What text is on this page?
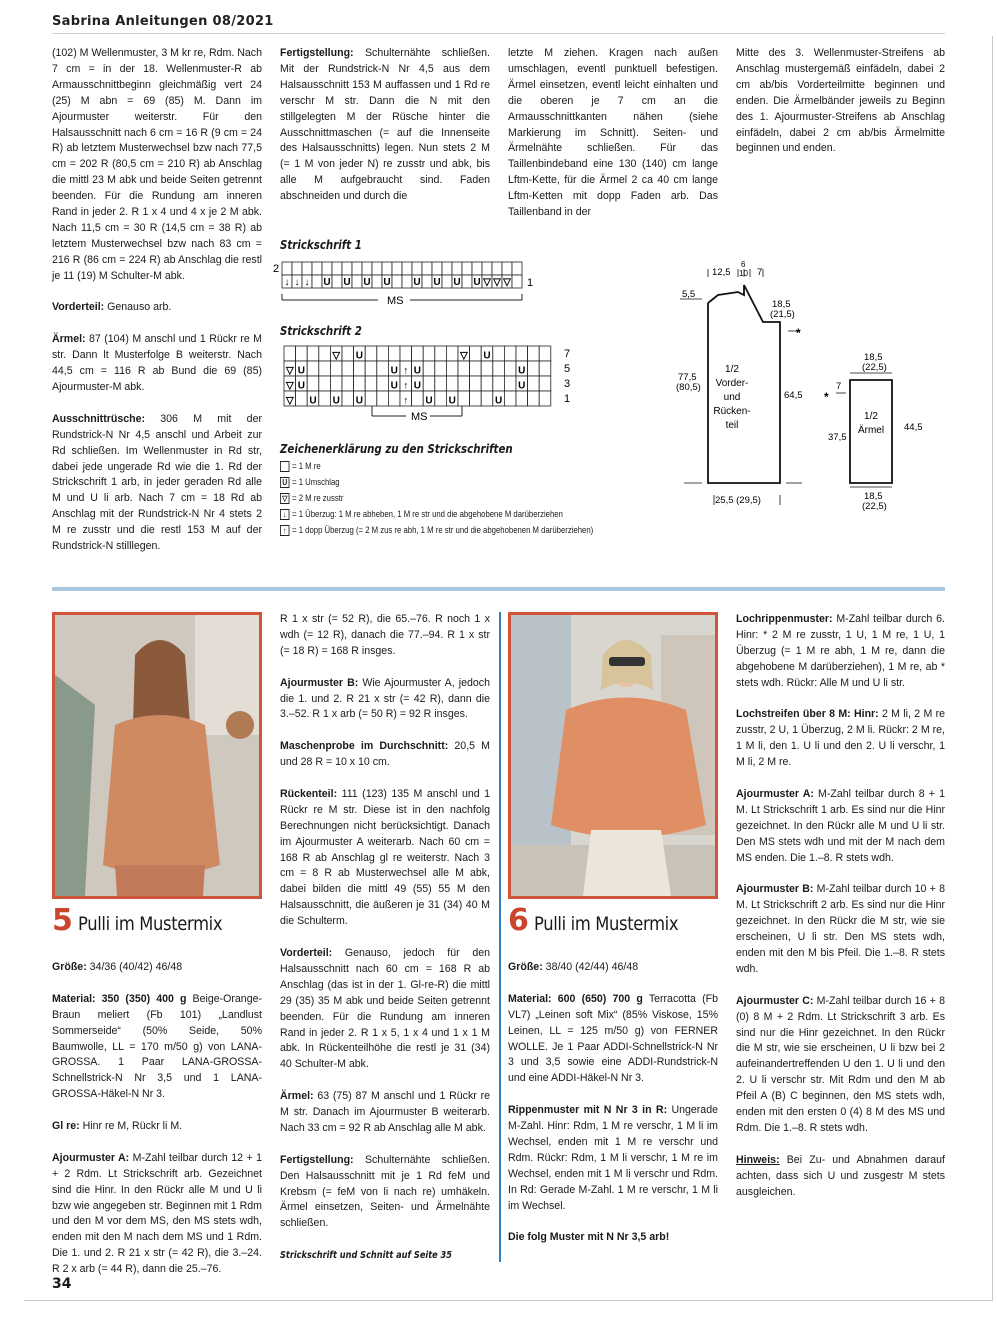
Sabrina Anleitungen 08/2021

(102) M Wellenmuster, 3 M kr re, Rdm. Nach 7 cm = in der 18. Wellenmuster-R ab Armausschnittbeginn gleichmäßig vert 24 (25) M abn = 69 (85) M. Dann im Ajourmuster weiterstr. Für den Halsausschnitt nach 6 cm = 16 R (9 cm = 24 R) ab letztem Musterwechsel bzw nach 77,5 cm = 202 R (80,5 cm = 210 R) ab Anschlag die mittl 23 M abk und beide Seiten getrennt beenden. Für die Rundung am inneren Rand in jeder 2. R 1 x 4 und 4 x je 2 M abk. Nach 11,5 cm = 30 R (14,5 cm = 38 R) ab letztem Musterwechsel bzw nach 83 cm = 216 R (86 cm = 224 R) ab Anschlag die restl je 11 (19) M Schulter-M abk.

Vorderteil: Genauso arb.

Ärmel: 87 (104) M anschl und 1 Rückr re M str. Dann lt Musterfolge B weiterstr. Nach 44,5 cm = 116 R ab Bund die 69 (85) Ajourmuster-M abk.

Ausschnittrüsche: 306 M mit der Rundstrick-N Nr 4,5 anschl und Arbeit zur Rd schließen. Im Wellenmuster in Rd str, dabei jede ungerade Rd wie die 1. Rd der Strickschrift 1 arb, in jeder geraden Rd alle M und U li arb. Nach 7 cm = 18 Rd ab Anschlag mit der Rundstrick-N Nr 4 stets 2 M re zusstr und die restl 153 M auf der Rundstrick-N stilllegen.

Fertigstellung: Schulternähte schließen. Mit der Rundstrick-N Nr 4,5 aus dem Halsausschnitt 153 M auffassen und 1 Rd re verschr M str. Dann die N mit den stillgelegten M der Rüsche hinter die Ausschnittmaschen (= auf die Innenseite des Halsausschnitts) legen. Nun stets 2 M (= 1 M von jeder N) re zusstr und abk, bis alle M aufgebraucht sind. Faden abschneiden und durch die

letzte M ziehen. Kragen nach außen umschlagen, eventl punktuell befestigen. Ärmel einsetzen, eventl leicht einhalten und die oberen je 7 cm an die Armausschnittkanten nähen (siehe Markierung im Schnitt). Seiten- und Ärmelnähte schließen. Für das Taillenbindeband eine 130 (140) cm lange Lftm-Kette, für die Ärmel 2 ca 40 cm lange Lftm-Ketten mit dopp Faden arb. Das Taillenband in der

Mitte des 3. Wellenmuster-Streifens ab Anschlag mustergemäß einfädeln, dabei 2 cm ab/bis Vorderteilmitte beginnen und enden. Die Ärmelbänder jeweils zu Beginn des 1. Ajourmuster-Streifens ab Anschlag einfädeln, dabei 2 cm ab/bis Ärmelmitte beginnen und enden.

Strickschrift 1
2
↓ ↓ ↓ U U U U U U U U ▽ ▽ ▽ 1
MS
Strickschrift 2
▽ U	▽ U
▽ U	U ↑ U	U
▽ U	U ↑ U	U
▽ U U U	↑ U U	U
7
5
3
1
MS
Zeichenerklärung zu den Strickschriften
= 1 M re
U = 1 Umschlag
▽ = 2 M re zusstr
↓ = 1 Überzug: 1 M re abheben, 1 M re str und die abgehobene M darüberziehen
↑ = 1 dopp Überzug (= 2 M zus re abh, 1 M re str und die abgehobenen M darüberziehen)
12,5
6
10 7
5,5
18,5
(21,5)
*
77,5
(80,5)
1/2
Vorder-
und
Rücken-
teil
64,5
25,5 (29,5)
18,5
(22,5)
7
*
37,5
1/2
Ärmel 44,5
18,5
(22,5)
5 Pulli im Mustermix

Größe: 34/36 (40/42) 46/48

Material: 350 (350) 400 g Beige-Orange-Braun meliert (Fb 101) „Landlust Sommerseide“ (50% Seide, 50% Baumwolle, LL = 170 m/50 g) von LANA-GROSSA. 1 Paar LANA-GROSSA-Schnellstrick-N Nr 3,5 und 1 LANA-GROSSA-Häkel-N Nr 3.

Gl re: Hinr re M, Rückr li M.

Ajourmuster A: M-Zahl teilbar durch 12 + 1 + 2 Rdm. Lt Strickschrift arb. Gezeichnet sind die Hinr. In den Rückr alle M und U li bzw wie angegeben str. Beginnen mit 1 Rdm und den M vor dem MS, den MS stets wdh, enden mit den M nach dem MS und 1 Rdm. Die 1. und 2. R 21 x str (= 42 R), die 3.–24. R 2 x arb (= 44 R), dann die 25.–76.

R 1 x str (= 52 R), die 65.–76. R noch 1 x wdh (= 12 R), danach die 77.–94. R 1 x str (= 18 R) = 168 R insges.

Ajourmuster B: Wie Ajourmuster A, jedoch die 1. und 2. R 21 x str (= 42 R), dann die 3.–52. R 1 x arb (= 50 R) = 92 R insges.

Maschenprobe im Durchschnitt: 20,5 M und 28 R = 10 x 10 cm.

Rückenteil: 111 (123) 135 M anschl und 1 Rückr re M str. Diese ist in den nachfolg Berechnungen nicht berücksichtigt. Danach im Ajourmuster A weiterarb. Nach 60 cm = 168 R ab Anschlag gl re weiterstr. Nach 3 cm = 8 R ab Musterwechsel alle M abk, dabei bilden die mittl 49 (55) 55 M den Halsausschnitt, die äußeren je 31 (34) 40 M die Schulterm.

Vorderteil: Genauso, jedoch für den Halsausschnitt nach 60 cm = 168 R ab Anschlag (das ist in der 1. Gl-re-R) die mittl 29 (35) 35 M abk und beide Seiten getrennt beenden. Für die Rundung am inneren Rand in jeder 2. R 1 x 5, 1 x 4 und 1 x 1 M abk. In Rückenteilhöhe die restl je 31 (34) 40 Schulter-M abk.

Ärmel: 63 (75) 87 M anschl und 1 Rückr re M str. Danach im Ajourmuster B weiterarb. Nach 33 cm = 92 R ab Anschlag alle M abk.

Fertigstellung: Schulternähte schließen. Den Halsausschnitt mit je 1 Rd feM und Krebsm (= feM von li nach re) umhäkeln. Ärmel einsetzen, Seiten- und Ärmelnähte schließen.

Strickschrift und Schnitt auf Seite 35
6 Pulli im Mustermix

Größe: 38/40 (42/44) 46/48

Material: 600 (650) 700 g Terracotta (Fb VL7) „Leinen soft Mix“ (85% Viskose, 15% Leinen, LL = 125 m/50 g) von FERNER WOLLE. Je 1 Paar ADDI-Schnellstrick-N Nr 3 und 3,5 sowie eine ADDI-Rundstrick-N und eine ADDI-Häkel-N Nr 3.

Rippenmuster mit N Nr 3 in R: Ungerade M-Zahl. Hinr: Rdm, 1 M re verschr, 1 M li im Wechsel, enden mit 1 M re verschr und Rdm. Rückr: Rdm, 1 M li verschr, 1 M re im Wechsel, enden mit 1 M li verschr und Rdm. In Rd: Gerade M-Zahl. 1 M re verschr, 1 M li im Wechsel.

Die folg Muster mit N Nr 3,5 arb!

Lochrippenmuster: M-Zahl teilbar durch 6. Hinr: * 2 M re zusstr, 1 U, 1 M re, 1 U, 1 Überzug (= 1 M re abh, 1 M re, dann die abgehobene M darüberziehen), 1 M re, ab * stets wdh. Rückr: Alle M und U li str.

Lochstreifen über 8 M: Hinr: 2 M li, 2 M re zusstr, 2 U, 1 Überzug, 2 M li. Rückr: 2 M re, 1 M li, den 1. U li und den 2. U li verschr, 1 M li, 2 M re.

Ajourmuster A: M-Zahl teilbar durch 8 + 1 M. Lt Strickschrift 1 arb. Es sind nur die Hinr gezeichnet. In den Rückr alle M und U li str. Den MS stets wdh und mit der M nach dem MS enden. Die 1.–8. R stets wdh.

Ajourmuster B: M-Zahl teilbar durch 10 + 8 M. Lt Strickschrift 2 arb. Es sind nur die Hinr gezeichnet. In den Rückr die M str, wie sie erscheinen, U li str. Den MS stets wdh, enden mit den M bis Pfeil. Die 1.–8. R stets wdh.

Ajourmuster C: M-Zahl teilbar durch 16 + 8 (0) 8 M + 2 Rdm. Lt Strickschrift 3 arb. Es sind nur die Hinr gezeichnet. In den Rückr die M str, wie sie erscheinen, U li bzw bei 2 aufeinandertreffenden U den 1. U li und den 2. U li verschr str. Mit Rdm und den M ab Pfeil A (B) C beginnen, den MS stets wdh, enden mit den ersten 0 (4) 8 M des MS und Rdm. Die 1.–8. R stets wdh.

Hinweis: Bei Zu- und Abnahmen darauf achten, dass sich U und zusgestr M stets ausgleichen.

34
